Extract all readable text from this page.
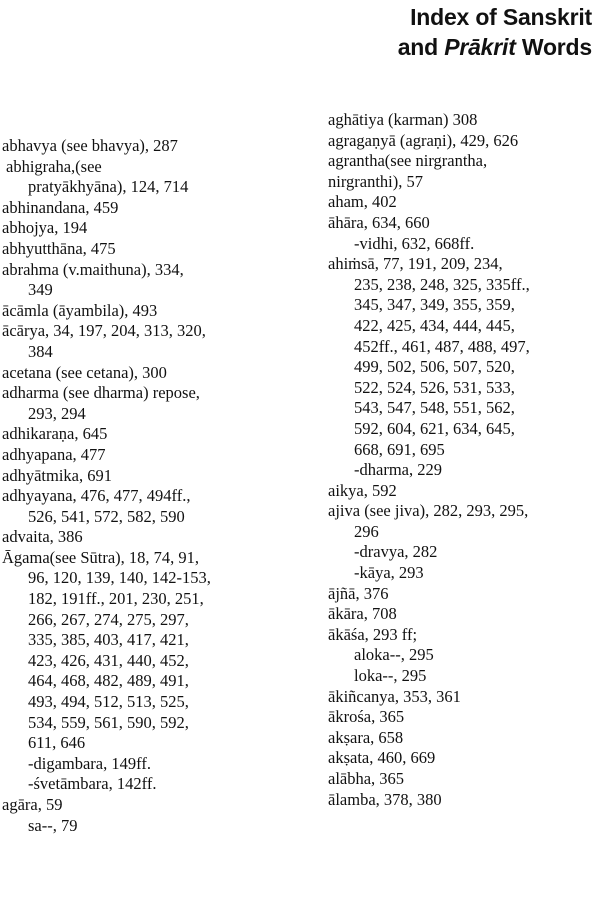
Index of Sanskrit
and Prākrit Words
abhavya (see bhavya), 287
abhigraha,(see
pratyākhyāna), 124, 714
abhinandana, 459
abhojya, 194
abhyutthāna, 475
abrahma (v.maithuna), 334,
349
ācāmla (āyambila), 493
ācārya, 34, 197, 204, 313, 320,
384
acetana (see cetana), 300
adharma (see dharma) repose,
293, 294
adhikaraṇa, 645
adhyapana, 477
adhyātmika, 691
adhyayana, 476, 477, 494ff.,
526, 541, 572, 582, 590
advaita, 386
Āgama(see Sūtra), 18, 74, 91,
96, 120, 139, 140, 142-153,
182, 191ff., 201, 230, 251,
266, 267, 274, 275, 297,
335, 385, 403, 417, 421,
423, 426, 431, 440, 452,
464, 468, 482, 489, 491,
493, 494, 512, 513, 525,
534, 559, 561, 590, 592,
611, 646
-digambara, 149ff.
-śvetāmbara, 142ff.
agāra, 59
sa--, 79
aghātiya (karman) 308
agragaṇyā (agraṇi), 429, 626
agrantha(see nirgrantha,
nirgranthi), 57
aham, 402
āhāra, 634, 660
-vidhi, 632, 668ff.
ahiṁsā, 77, 191, 209, 234,
235, 238, 248, 325, 335ff.,
345, 347, 349, 355, 359,
422, 425, 434, 444, 445,
452ff., 461, 487, 488, 497,
499, 502, 506, 507, 520,
522, 524, 526, 531, 533,
543, 547, 548, 551, 562,
592, 604, 621, 634, 645,
668, 691, 695
-dharma, 229
aikya, 592
ajiva (see jiva), 282, 293, 295,
296
-dravya, 282
-kāya, 293
ājñā, 376
ākāra, 708
ākāśa, 293 ff;
aloka--, 295
loka--, 295
ākiñcanya, 353, 361
ākrośa, 365
akṣara, 658
akṣata, 460, 669
alābha, 365
ālamba, 378, 380
